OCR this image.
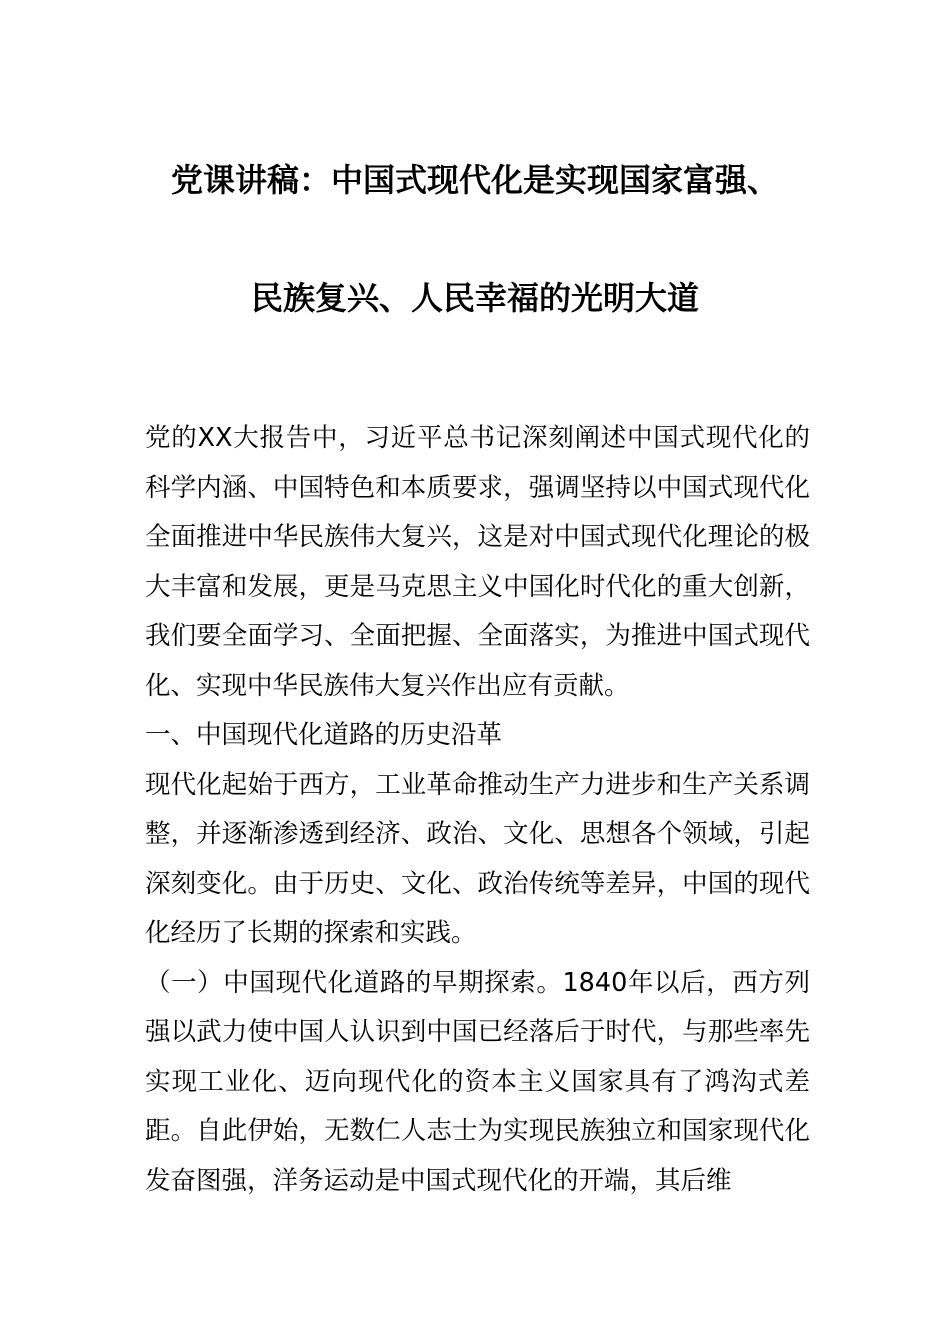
党课讲稿：中国式现代化是实现国家富强、
民族复兴、人民幸福的光明大道

党的XX大报告中，习近平总书记深刻阐述中国式现代化的科学内涵、中国特色和本质要求，强调坚持以中国式现代化全面推进中华民族伟大复兴，这是对中国式现代化理论的极大丰富和发展，更是马克思主义中国化时代化的重大创新，我们要全面学习、全面把握、全面落实，为推进中国式现代化、实现中华民族伟大复兴作出应有贡献。

一、中国现代化道路的历史沿革

现代化起始于西方，工业革命推动生产力进步和生产关系调整，并逐渐渗透到经济、政治、文化、思想各个领域，引起深刻变化。由于历史、文化、政治传统等差异，中国的现代化经历了长期的探索和实践。

（一）中国现代化道路的早期探索。1840年以后，西方列强以武力使中国人认识到中国已经落后于时代，与那些率先实现工业化、迈向现代化的资本主义国家具有了鸿沟式差距。自此伊始，无数仁人志士为实现民族独立和国家现代化发奋图强，洋务运动是中国式现代化的开端，其后维
